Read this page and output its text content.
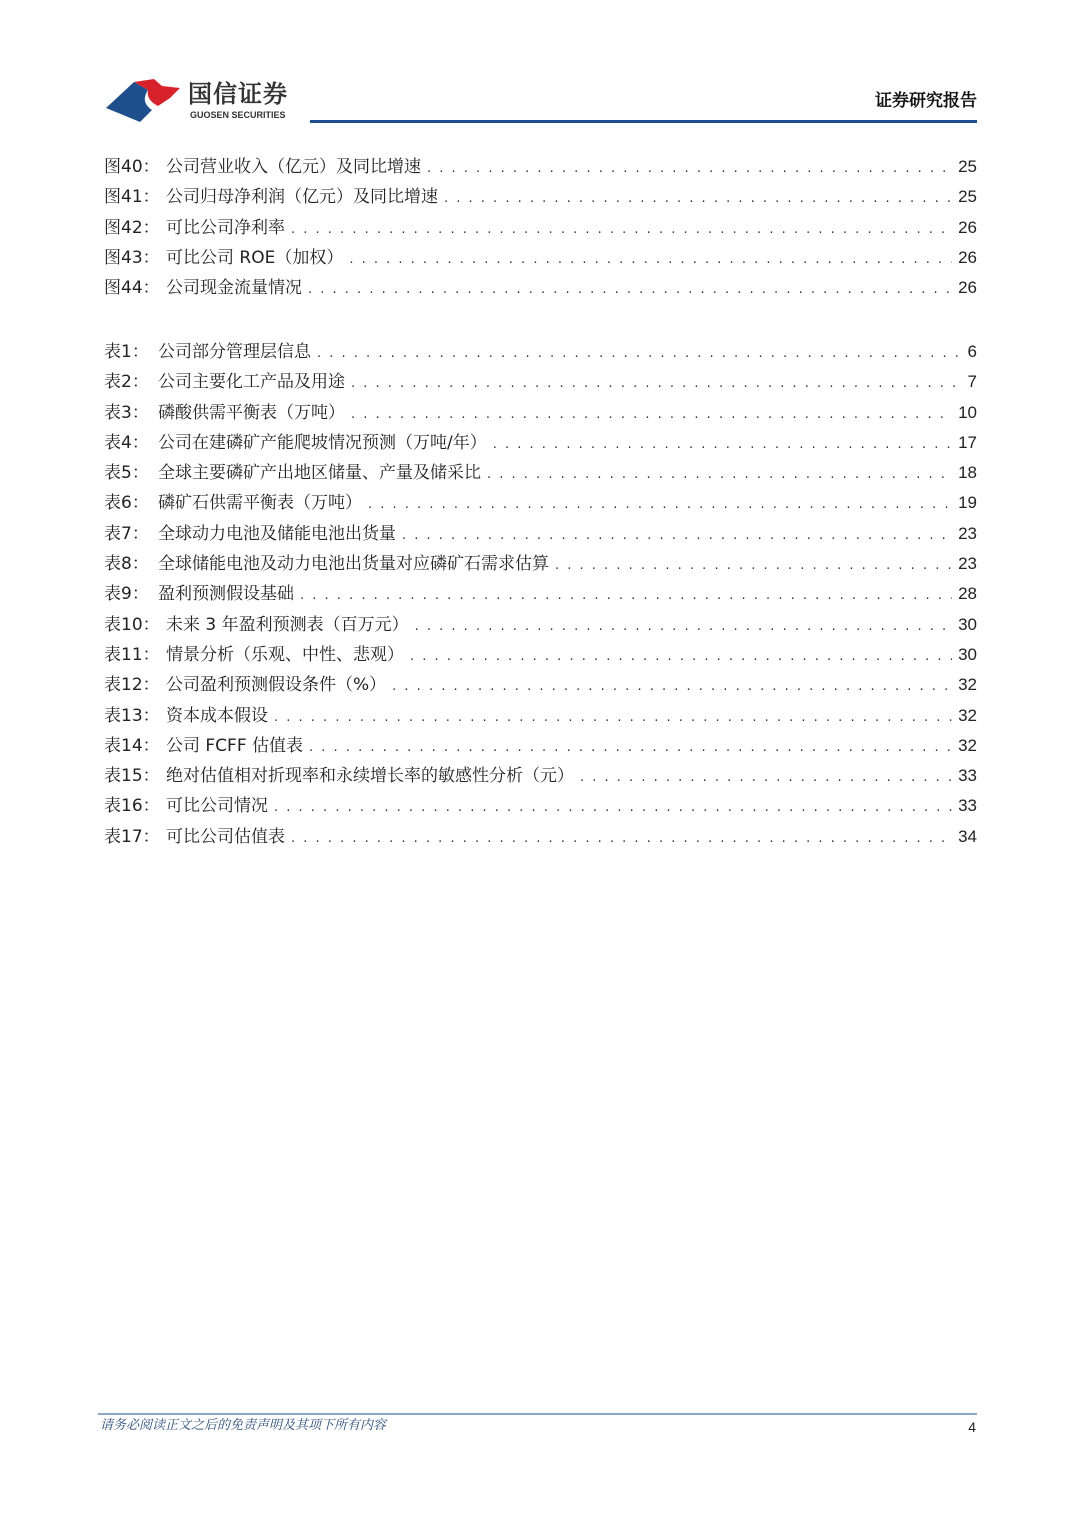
国信证券
GUOSEN SECURITIES
证券研究报告
图40： 公司营业收入（亿元）及同比增速 . . .	25
图41： 公司归母净利润（亿元）及同比增速 . . .	25
图42： 可比公司净利率 . . .	26
图43： 可比公司 ROE（加权） . . .	26
图44： 公司现金流量情况 . . .	26
表1： 公司部分管理层信息 . . .	6
表2： 公司主要化工产品及用途 . . .	7
表3： 磷酸供需平衡表（万吨） . . .	10
表4： 公司在建磷矿产能爬坡情况预测（万吨/年） . . .	17
表5： 全球主要磷矿产出地区储量、产量及储采比 . . .	18
表6： 磷矿石供需平衡表（万吨） . . .	19
表7： 全球动力电池及储能电池出货量 . . .	23
表8： 全球储能电池及动力电池出货量对应磷矿石需求估算 . . .	23
表9： 盈利预测假设基础 . . .	28
表10： 未来 3 年盈利预测表（百万元） . . .	30
表11： 情景分析（乐观、中性、悲观） . . .	30
表12： 公司盈利预测假设条件（%） . . .	32
表13： 资本成本假设 . . .	32
表14： 公司 FCFF 估值表 . . .	32
表15： 绝对估值相对折现率和永续增长率的敏感性分析（元） . . .	33
表16： 可比公司情况 . . .	33
表17： 可比公司估值表 . . .	34
请务必阅读正文之后的免责声明及其项下所有内容	4
